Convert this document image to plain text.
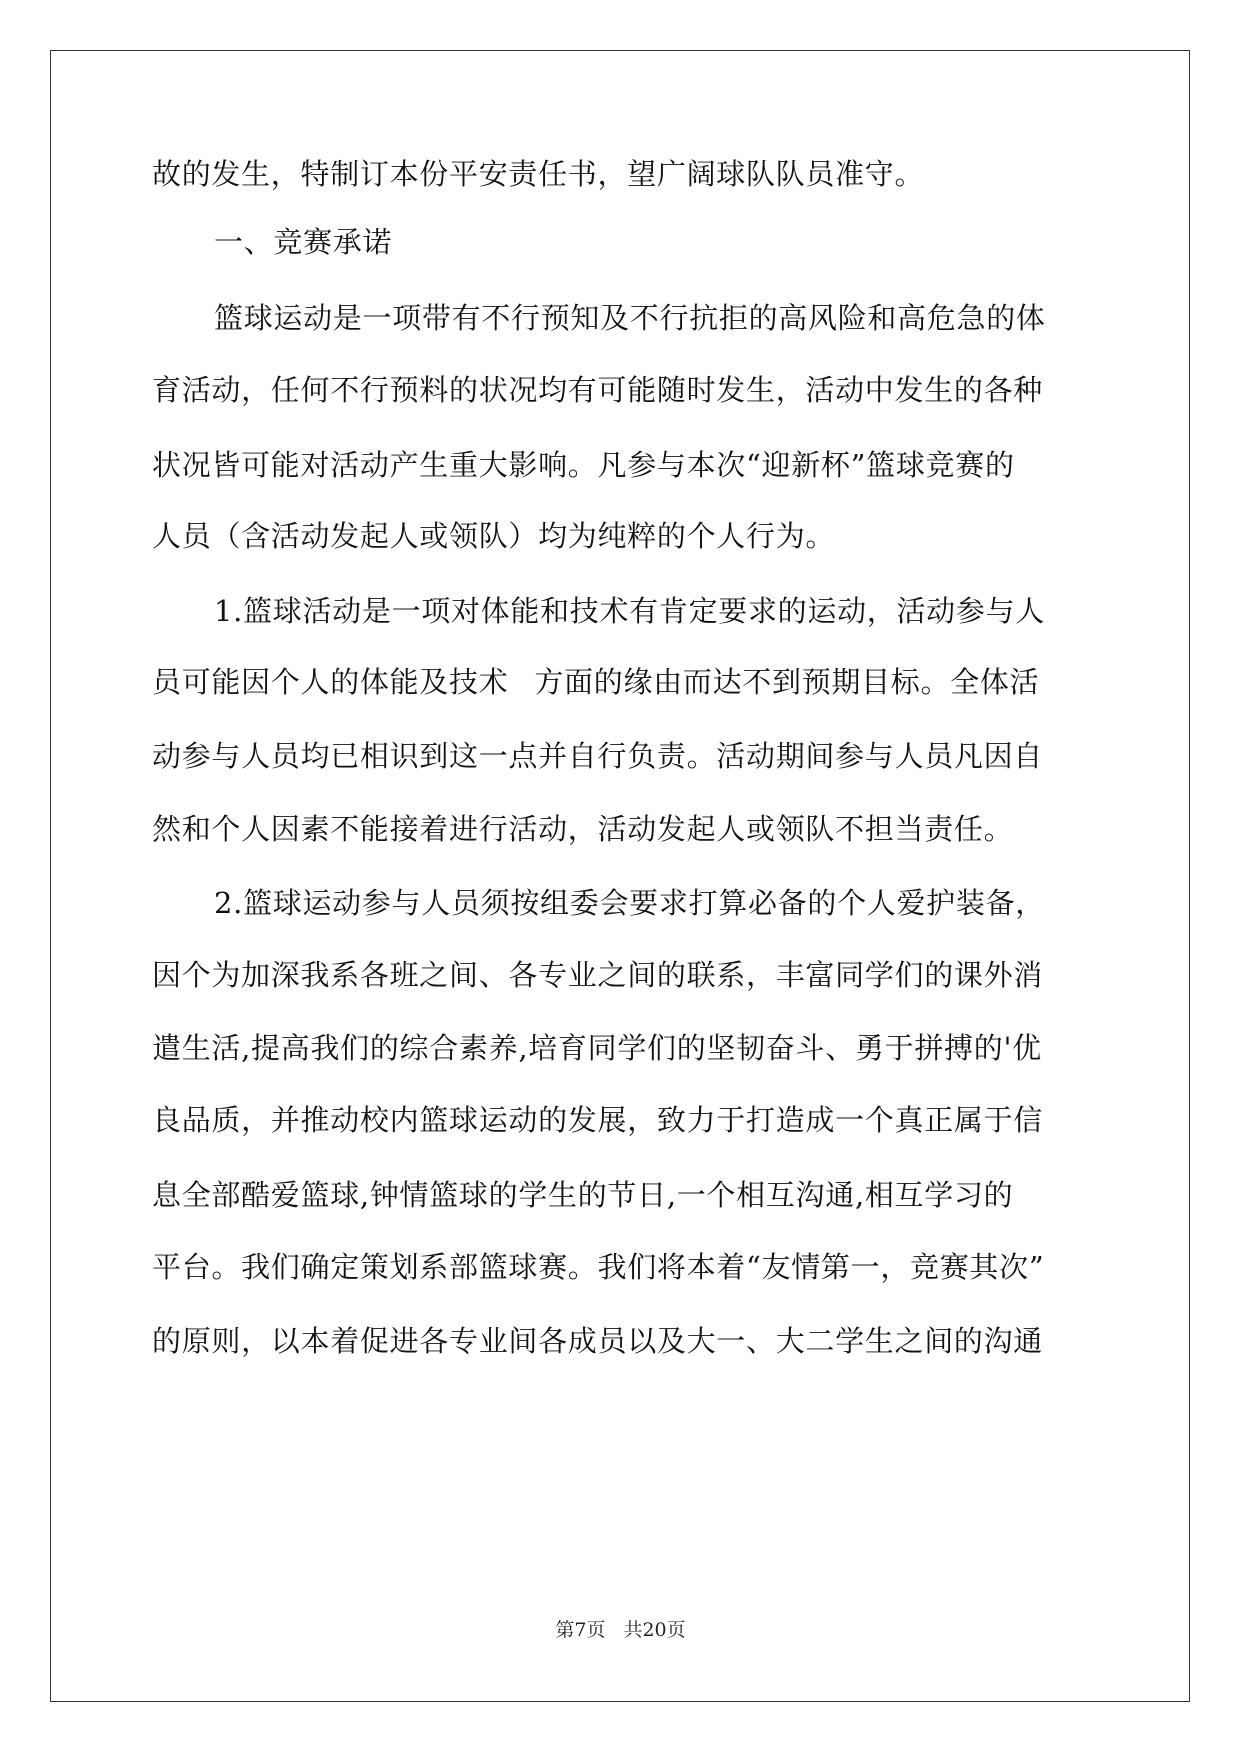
故的发生，特制订本份平安责任书，望广阔球队队员准守。
一、竞赛承诺
篮球运动是一项带有不行预知及不行抗拒的高风险和高危急的体
育活动，任何不行预料的状况均有可能随时发生，活动中发生的各种
状况皆可能对活动产生重大影响。凡参与本次“迎新杯”篮球竞赛的
人员（含活动发起人或领队）均为纯粹的个人行为。
1.篮球活动是一项对体能和技术有肯定要求的运动，活动参与人
员可能因个人的体能及技术 方面的缘由而达不到预期目标。全体活
动参与人员均已相识到这一点并自行负责。活动期间参与人员凡因自
然和个人因素不能接着进行活动，活动发起人或领队不担当责任。
2.篮球运动参与人员须按组委会要求打算必备的个人爱护装备，
因个为加深我系各班之间、各专业之间的联系，丰富同学们的课外消
遣生活,提高我们的综合素养,培育同学们的坚韧奋斗、勇于拼搏的'优
良品质，并推动校内篮球运动的发展，致力于打造成一个真正属于信
息全部酷爱篮球,钟情篮球的学生的节日,一个相互沟通,相互学习的
平台。我们确定策划系部篮球赛。我们将本着“友情第一，竞赛其次”
的原则，以本着促进各专业间各成员以及大一、大二学生之间的沟通
第7页 共20页
